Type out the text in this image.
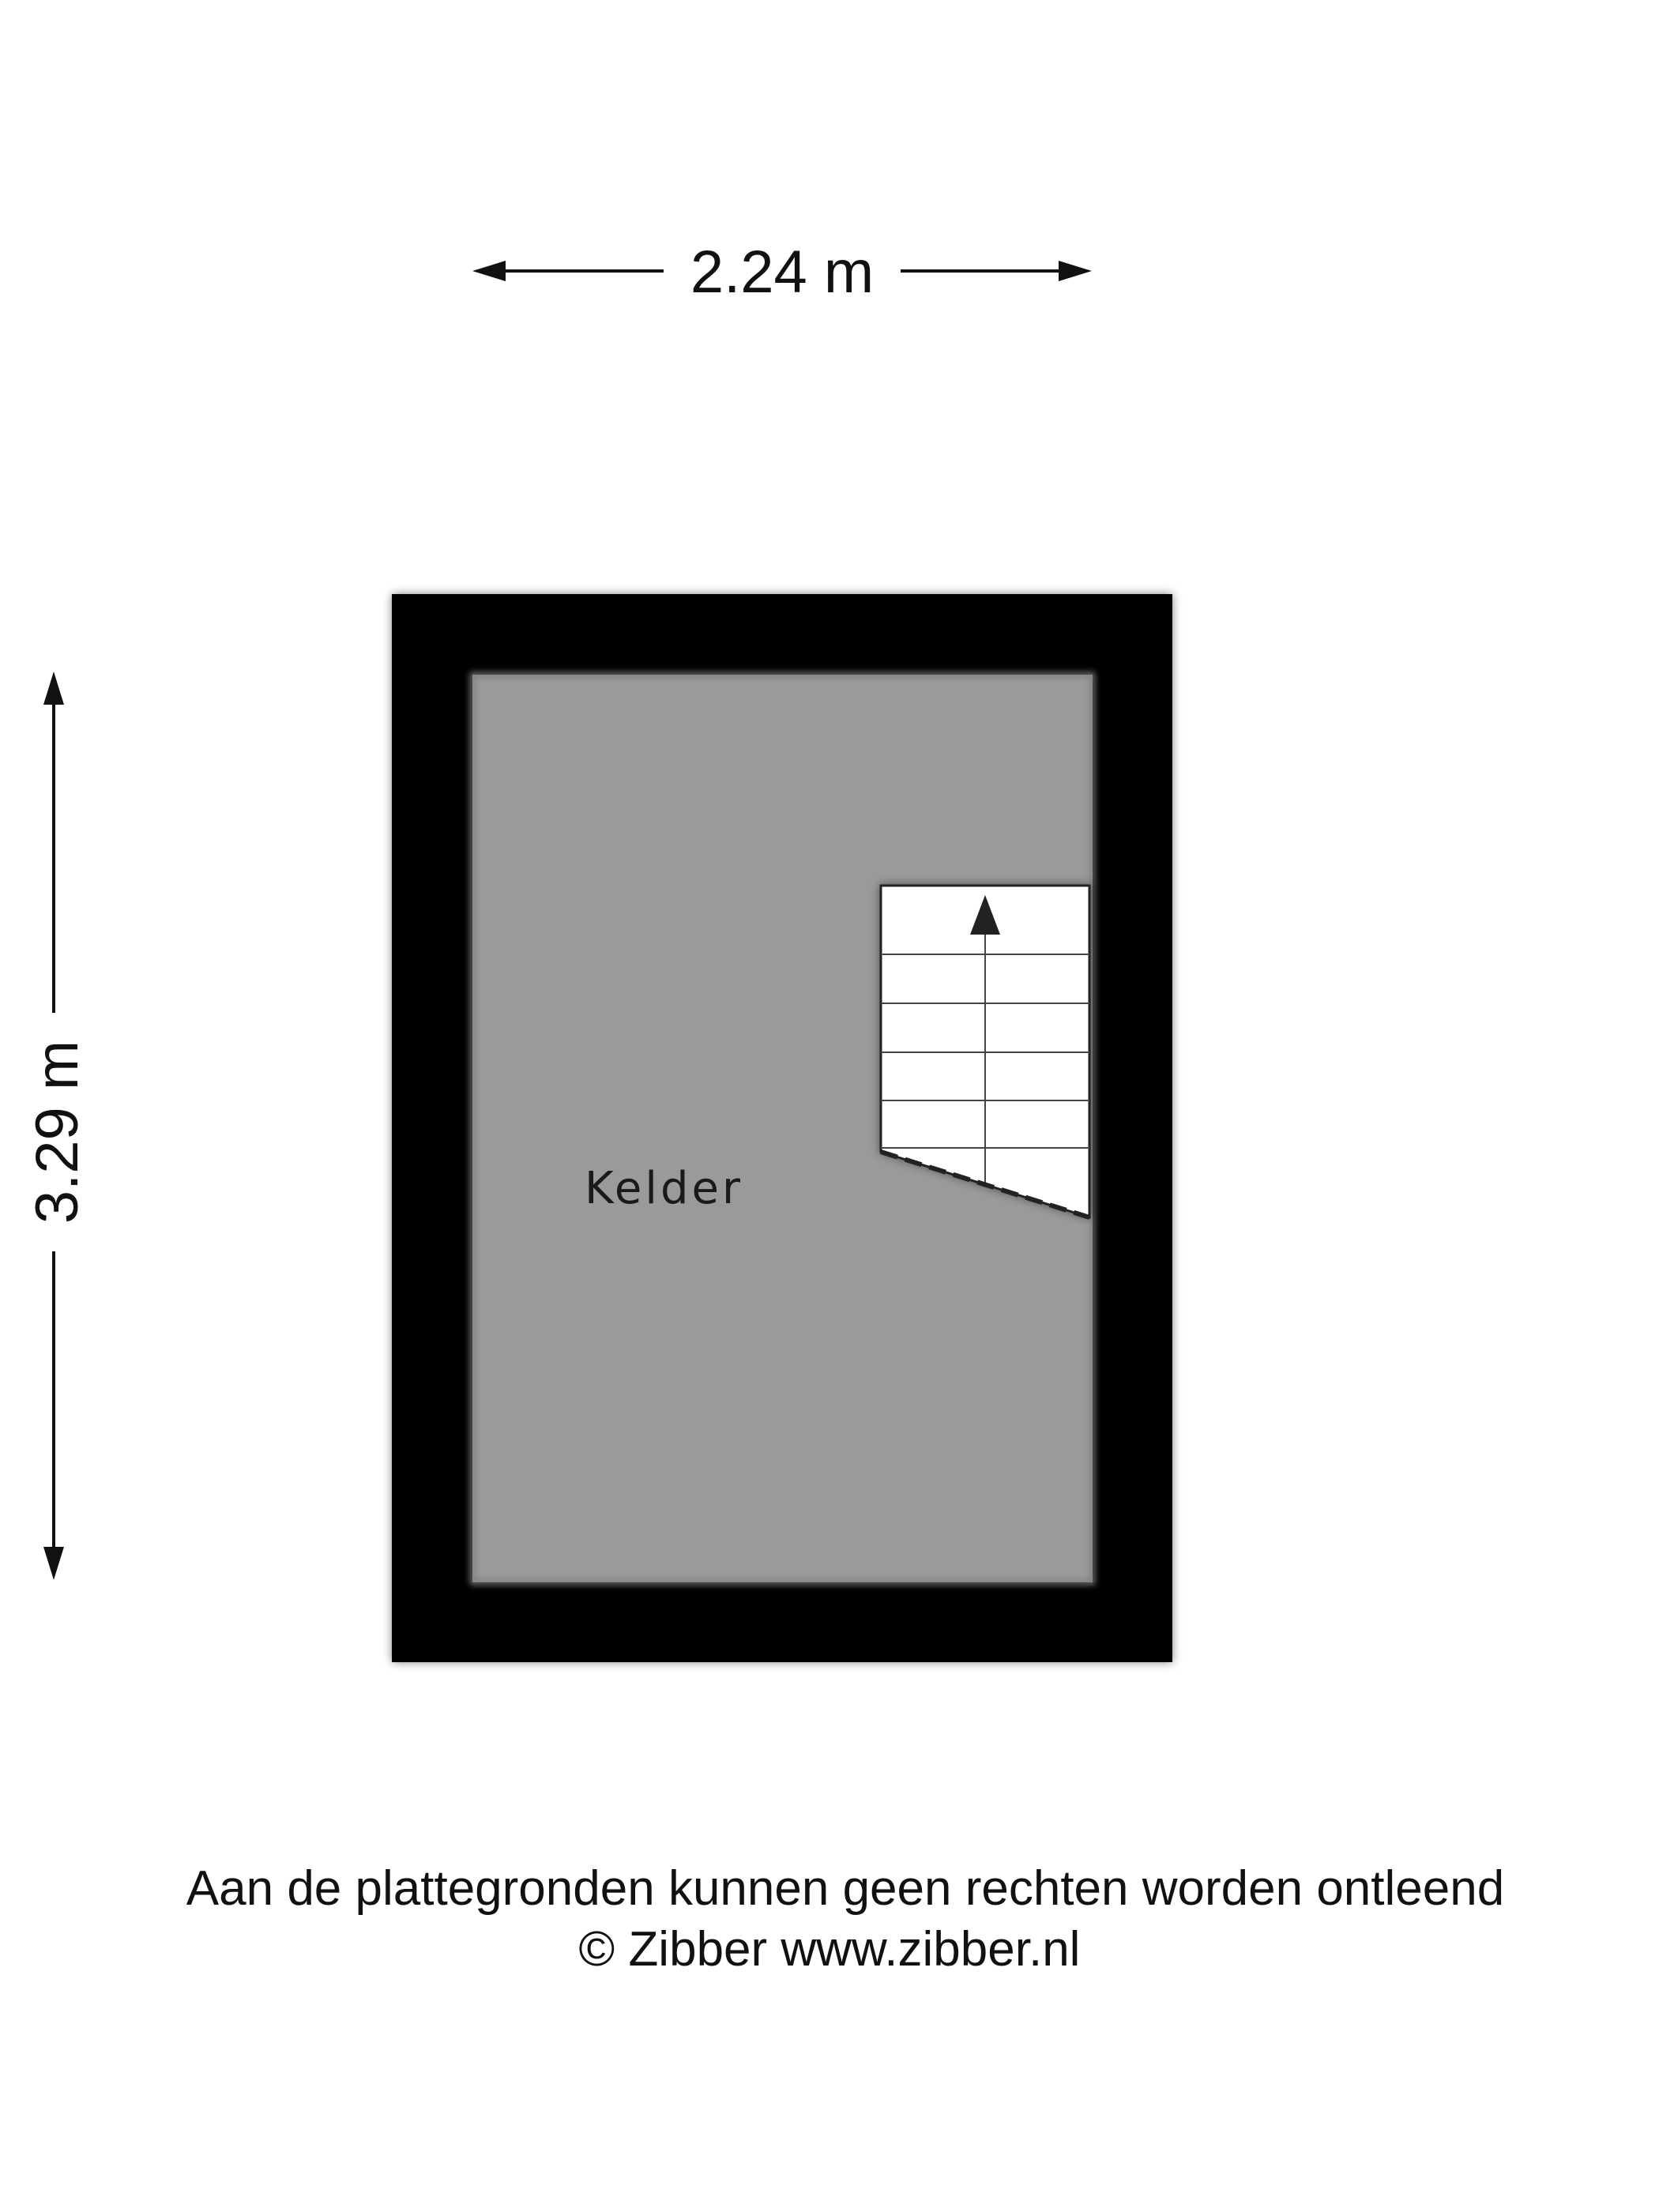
2.24 m
3.29 m	Kelder
Aan de plattegronden kunnen geen rechten worden ontleend
© Zibber www.zibber.nl
